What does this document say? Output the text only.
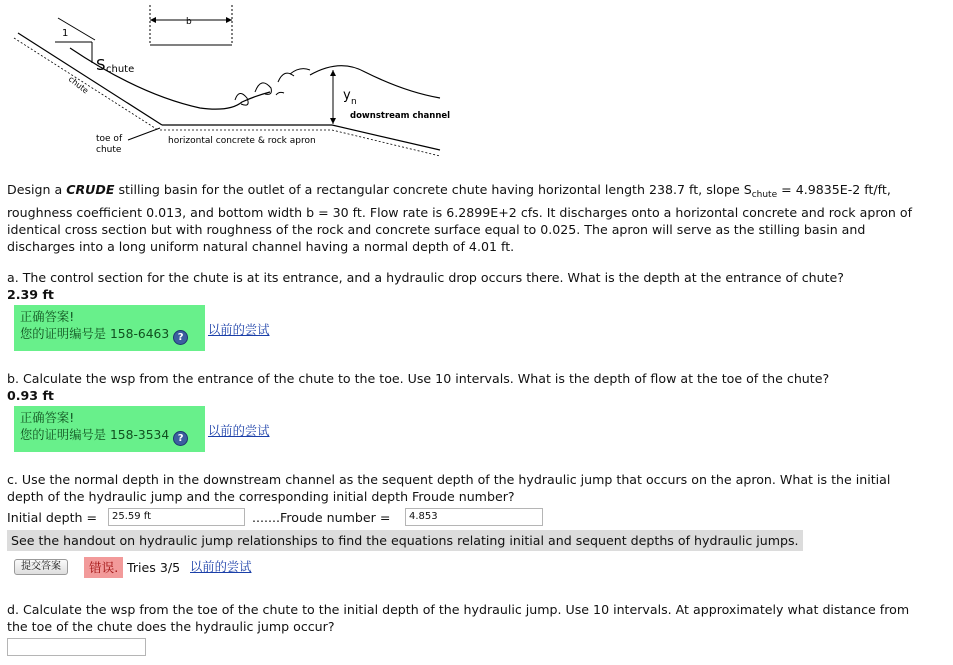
b
1
S chute
chute
y n
downstream channel
toe of
chute
horizontal concrete & rock apron
Design a CRUDE stilling basin for the outlet of a rectangular concrete chute having horizontal length 238.7 ft, slope $S_{chute} = 4.9835E-2$ ft/ft,
roughness coefficient 0.013, and bottom width b = 30 ft. Flow rate is 6.2899E+2 cfs. It discharges onto a horizontal concrete and rock apron of
identical cross section but with roughness of the rock and concrete surface equal to 0.025. The apron will serve as the stilling basin and
discharges into a long uniform natural channel having a normal depth of 4.01 ft.
a. The control section for the chute is at its entrance, and a hydraulic drop occurs there. What is the depth at the entrance of chute?
2.39 ft
正确答案!
您的证明编号是 158-6463 ?
以前的尝试
b. Calculate the wsp from the entrance of the chute to the toe. Use 10 intervals. What is the depth of flow at the toe of the chute?
0.93 ft
正确答案!
您的证明编号是 158-3534 ?
以前的尝试
c. Use the normal depth in the downstream channel as the sequent depth of the hydraulic jump that occurs on the apron. What is the initial
depth of the hydraulic jump and the corresponding initial depth Froude number?
Initial depth =	25.59 ft	.......Froude number =	4.853
See the handout on hydraulic jump relationships to find the equations relating initial and sequent depths of hydraulic jumps.
提交答案	错误. Tries 3/5 以前的尝试
d. Calculate the wsp from the toe of the chute to the initial depth of the hydraulic jump. Use 10 intervals. At approximately what distance from
the toe of the chute does the hydraulic jump occur?
